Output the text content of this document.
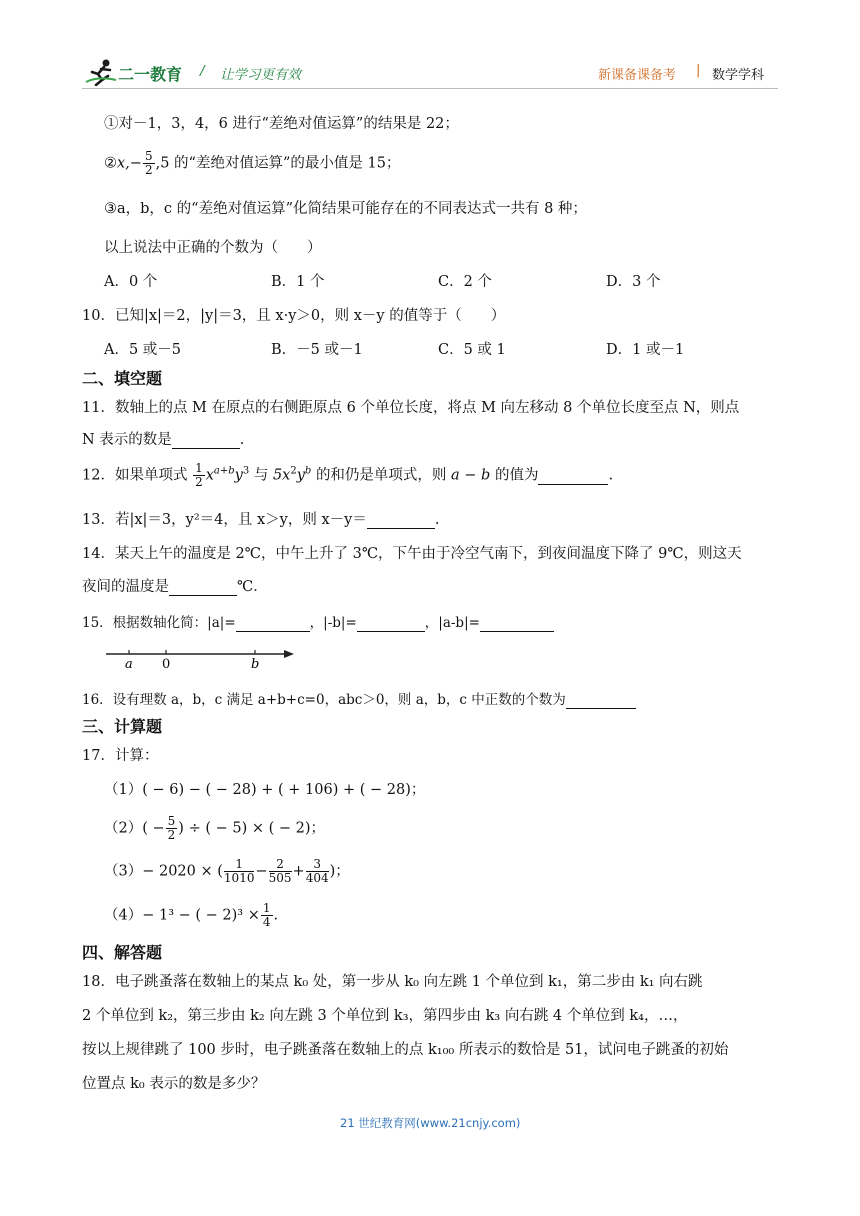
二一教育 / 让学习更有效	新课备课备考 | 数学学科
①对－1，3，4，6 进行“差绝对值运算”的结果是 22；
②x,− $\frac{5}{2} ,5$ 的“差绝对值运算”的最小值是 15；
③a，b，c 的“差绝对值运算”化简结果可能存在的不同表达式一共有 8 种；
以上说法中正确的个数为（　　）
A．0 个	B．1 个	C．2 个	D．3 个
10．已知|x|＝2，|y|＝3，且 x·y＞0，则 x－y 的值等于（　　）
A．5 或－5	B．－5 或－1	C．5 或 1	D．1 或－1
二、填空题
11．数轴上的点 M 在原点的右侧距原点 6 个单位长度，将点 M 向左移动 8 个单位长度至点 N，则点
N 表示的数是	.
12．如果单项式 $\frac{1}{2} x^{a+b}y^3$ 与 $5x^2y^b$ 的和仍是单项式，则 a − b 的值为	.
13．若|x|＝3，y²＝4，且 x＞y，则 x－y＝	.
14．某天上午的温度是 2℃，中午上升了 3℃，下午由于冷空气南下，到夜间温度下降了 9℃，则这天
夜间的温度是	℃．
15．根据数轴化简：|a|=	，|-b|=	，|a-b|=
a 0	b
16．设有理数 a，b，c 满足 a+b+c=0，abc＞0，则 a，b，c 中正数的个数为
三、计算题
17．计算：
（1）( − 6) − ( − 28) + ( + 106) + ( − 28)；
$(2)( - \frac{5}{2}$ ) ÷ ( − 5) × ( − 2)；
（3）− 2020 × ( $\frac{1}{1010} - \frac{2}{505} + \frac{3}{404}$ )；
（4）− 1³ − ( − $2)^3 \times \frac{1}{4}$ .
四、解答题
18．电子跳蚤落在数轴上的某点 k₀ 处，第一步从 k₀ 向左跳 1 个单位到 k₁，第二步由 k₁ 向右跳
2 个单位到 k₂，第三步由 k₂ 向左跳 3 个单位到 k₃，第四步由 k₃ 向右跳 4 个单位到 k₄，…，
按以上规律跳了 100 步时，电子跳蚤落在数轴上的点 k₁₀₀ 所表示的数恰是 51，试问电子跳蚤的初始
位置点 k₀ 表示的数是多少？
21 世纪教育网(www.21cnjy.com)
